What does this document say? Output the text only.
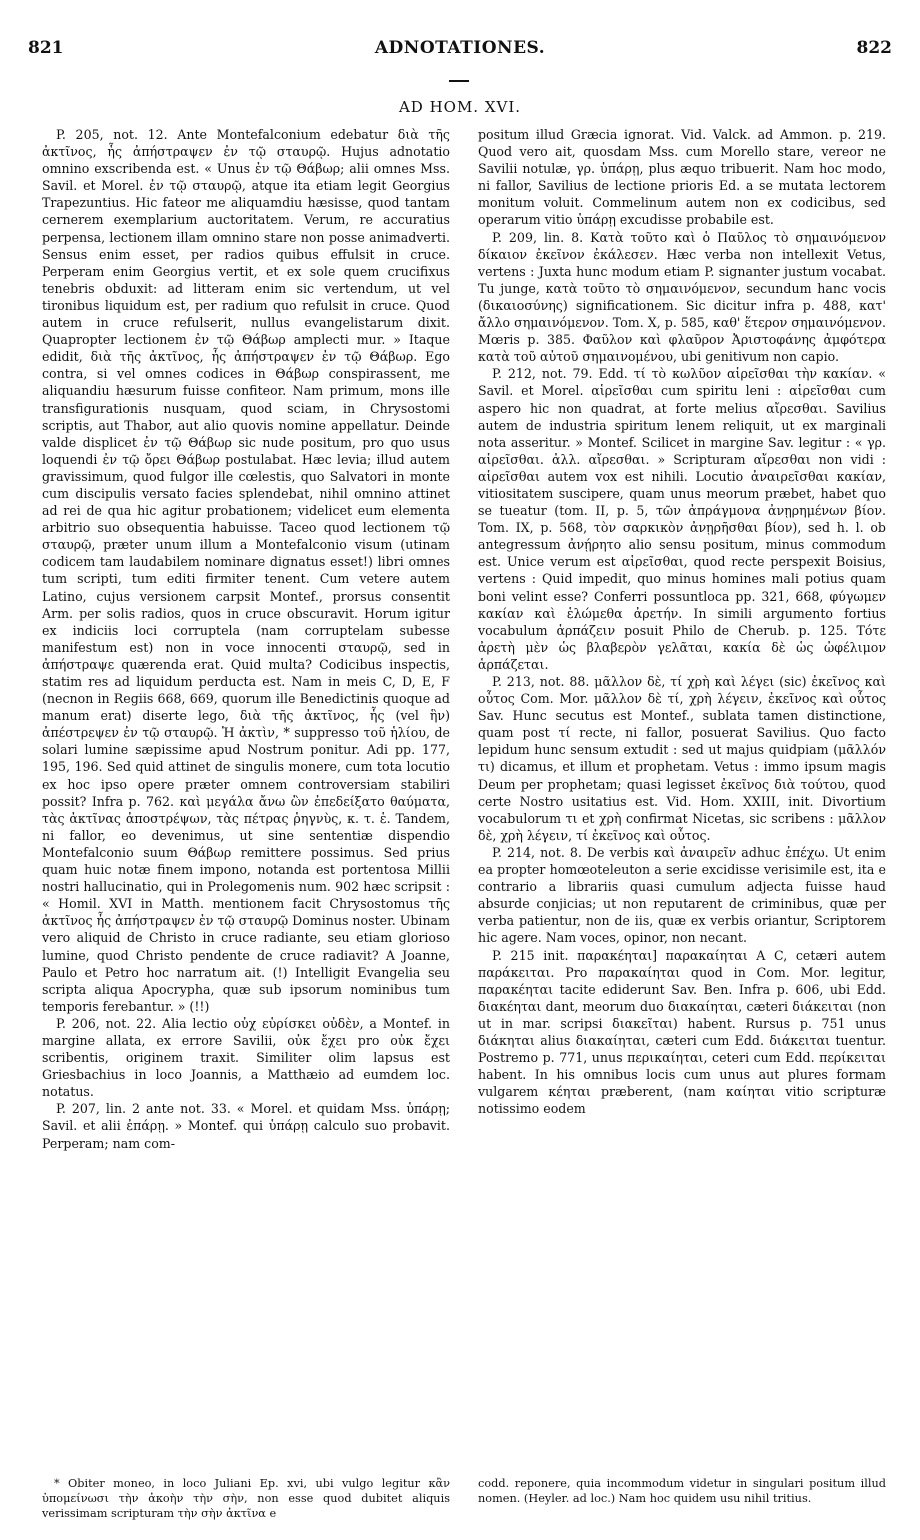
821	ADNOTATIONES.	822
AD HOM. XVI.

P. 205, not. 12. Ante Montefalconium edebatur διὰ τῆς ἀκτῖνος, ἧς ἀπήστραψεν ἐν τῷ σταυρῷ. Hujus adnotatio omnino exscribenda est. « Unus ἐν τῷ Θάβωρ; alii omnes Mss. Savil. et Morel. ἐν τῷ σταυρῷ, atque ita etiam legit Georgius Trapezuntius. Hic fateor me aliquamdiu hæsisse, quod tantam cernerem exemplarium auctoritatem. Verum, re accuratius perpensa, lectionem illam omnino stare non posse animadverti. Sensus enim esset, per radios quibus effulsit in cruce. Perperam enim Georgius vertit, et ex sole quem crucifixus tenebris obduxit: ad litteram enim sic vertendum, ut vel tironibus liquidum est, per radium quo refulsit in cruce. Quod autem in cruce refulserit, nullus evangelistarum dixit. Quapropter lectionem ἐν τῷ Θάβωρ amplecti mur. » Itaque edidit, διὰ τῆς ἀκτῖνος, ἧς ἀπήστραψεν ἐν τῷ Θάβωρ. Ego contra, si vel omnes codices in Θάβωρ conspirassent, me aliquandiu hæsurum fuisse confiteor. Nam primum, mons ille transfigurationis nusquam, quod sciam, in Chrysostomi scriptis, aut Thabor, aut alio quovis nomine appellatur. Deinde valde displicet ἐν τῷ Θάβωρ sic nude positum, pro quo usus loquendi ἐν τῷ ὄρει Θάβωρ postulabat. Hæc levia; illud autem gravissimum, quod fulgor ille cœlestis, quo Salvatori in monte cum discipulis versato facies splendebat, nihil omnino attinet ad rei de qua hic agitur probationem; videlicet eum elementa arbitrio suo obsequentia habuisse. Taceo quod lectionem τῷ σταυρῷ, præter unum illum a Montefalconio visum (utinam codicem tam laudabilem nominare dignatus esset!) libri omnes tum scripti, tum editi firmiter tenent. Cum vetere autem Latino, cujus versionem carpsit Montef., prorsus consentit Arm. per solis radios, quos in cruce obscuravit. Horum igitur ex indiciis loci corruptela (nam corruptelam subesse manifestum est) non in voce innocenti σταυρῷ, sed in ἀπήστραψε quærenda erat. Quid multa? Codicibus inspectis, statim res ad liquidum perducta est. Nam in meis C, D, E, F (necnon in Regiis 668, 669, quorum ille Benedictinis quoque ad manum erat) diserte lego, διὰ τῆς ἀκτῖνος, ἧς (vel ἣν) ἀπέστρεψεν ἐν τῷ σταυρῷ. Ἡ ἀκτὶν, * suppresso τοῦ ἡλίου, de solari lumine sæpissime apud Nostrum ponitur. Adi pp. 177, 195, 196. Sed quid attinet de singulis monere, cum tota locutio ex hoc ipso opere præter omnem controversiam stabiliri possit? Infra p. 762. καὶ μεγάλα ἄνω ὢν ἐπεδείξατο θαύματα, τὰς ἀκτῖνας ἀποστρέψων, τὰς πέτρας ῥηγνὺς, κ. τ. ἑ. Tandem, ni fallor, eo devenimus, ut sine sententiæ dispendio Montefalconio suum Θάβωρ remittere possimus. Sed prius quam huic notæ finem impono, notanda est portentosa Millii nostri hallucinatio, qui in Prolegomenis num. 902 hæc scripsit : « Homil. XVI in Matth. mentionem facit Chrysostomus τῆς ἀκτῖνος ἧς ἀπήστραψεν ἐν τῷ σταυρῷ Dominus noster. Ubinam vero aliquid de Christo in cruce radiante, seu etiam glorioso lumine, quod Christo pendente de cruce radiavit? A Joanne, Paulo et Petro hoc narratum ait. (!) Intelligit Evangelia seu scripta aliqua Apocrypha, quæ sub ipsorum nominibus tum temporis ferebantur. » (!!)

P. 206, not. 22. Alia lectio οὐχ εὑρίσκει οὐδὲν, a Montef. in margine allata, ex errore Savilii, οὐκ ἔχει pro οὐκ ἔχει scribentis, originem traxit. Similiter olim lapsus est Griesbachius in loco Joannis, a Matthæio ad eumdem loc. notatus.

P. 207, lin. 2 ante not. 33. « Morel. et quidam Mss. ὑπάρῃ; Savil. et alii ἐπάρῃ. » Montef. qui ὑπάρῃ calculo suo probavit. Perperam; nam com-

positum illud Græcia ignorat. Vid. Valck. ad Ammon. p. 219. Quod vero ait, quosdam Mss. cum Morello stare, vereor ne Savilii notulæ, γρ. ὑπάρῃ, plus æquo tribuerit. Nam hoc modo, ni fallor, Savilius de lectione prioris Ed. a se mutata lectorem monitum voluit. Commelinum autem non ex codicibus, sed operarum vitio ὑπάρῃ excudisse probabile est.

P. 209, lin. 8. Κατὰ τοῦτο καὶ ὁ Παῦλος τὸ σημαινόμενον δίκαιον ἐκεῖνον ἐκάλεσεν. Hæc verba non intellexit Vetus, vertens : Juxta hunc modum etiam P. signanter justum vocabat. Tu junge, κατὰ τοῦτο τὸ σημαινόμενον, secundum hanc vocis (δικαιοσύνης) significationem. Sic dicitur infra p. 488, κατ' ἄλλο σημαινόμενον. Tom. X, p. 585, καθ' ἕτερον σημαινόμενον. Mœris p. 385. Φαῦλον καὶ φλαῦρον Ἀριστοφάνης ἀμφότερα κατὰ τοῦ αὐτοῦ σημαινομένου, ubi genitivum non capio.

P. 212, not. 79. Edd. τί τὸ κωλῦον αἱρεῖσθαι τὴν κακίαν. « Savil. et Morel. αἱρεῖσθαι cum spiritu leni : αἱρεῖσθαι cum aspero hic non quadrat, at forte melius αἴρεσθαι. Savilius autem de industria spiritum lenem reliquit, ut ex marginali nota asseritur. » Montef. Scilicet in margine Sav. legitur : « γρ. αἱρεῖσθαι. ἀλλ. αἴρεσθαι. » Scripturam αἴρεσθαι non vidi : αἱρεῖσθαι autem vox est nihili. Locutio ἀναιρεῖσθαι κακίαν, vitiositatem suscipere, quam unus meorum præbet, habet quo se tueatur (tom. II, p. 5, τῶν ἀπράγμονα ἀνῃρημένων βίον. Tom. IX, p. 568, τὸν σαρκικὸν ἀνῃρῆσθαι βίον), sed h. l. ob antegressum ἀνῄρητο alio sensu positum, minus commodum est. Unice verum est αἱρεῖσθαι, quod recte perspexit Boisius, vertens : Quid impedit, quo minus homines mali potius quam boni velint esse? Conferri possuntloca pp. 321, 668, φύγωμεν κακίαν καὶ ἑλώμεθα ἀρετήν. In simili argumento fortius vocabulum ἁρπάζειν posuit Philo de Cherub. p. 125. Τότε ἀρετὴ μὲν ὡς βλαβερὸν γελᾶται, κακία δὲ ὡς ὠφέλιμον ἁρπάζεται.

P. 213, not. 88. μᾶλλον δὲ, τί χρὴ καὶ λέγει (sic) ἐκεῖνος καὶ οὗτος Com. Mor. μᾶλλον δὲ τί, χρὴ λέγειν, ἐκεῖνος καὶ οὗτος Sav. Hunc secutus est Montef., sublata tamen distinctione, quam post τί recte, ni fallor, posuerat Savilius. Quo facto lepidum hunc sensum extudit : sed ut majus quidpiam (μᾶλλόν τι) dicamus, et illum et prophetam. Vetus : immo ipsum magis Deum per prophetam; quasi legisset ἐκεῖνος διὰ τούτου, quod certe Nostro usitatius est. Vid. Hom. XXIII, init. Divortium vocabulorum τι et χρὴ confirmat Nicetas, sic scribens : μᾶλλον δὲ, χρὴ λέγειν, τί ἐκεῖνος καὶ οὗτος.

P. 214, not. 8. De verbis καὶ ἀναιρεῖν adhuc ἐπέχω. Ut enim ea propter homœoteleuton a serie excidisse verisimile est, ita e contrario a librariis quasi cumulum adjecta fuisse haud absurde conjicias; ut non reputarent de criminibus, quæ per verba patientur, non de iis, quæ ex verbis oriantur, Scriptorem hic agere. Nam voces, opinor, non necant.

P. 215 init. παρακέηται] παρακαίηται A C, cetæri autem παράκειται. Pro παρακαίηται quod in Com. Mor. legitur, παρακέηται tacite ediderunt Sav. Ben. Infra p. 606, ubi Edd. διακέηται dant, meorum duo διακαίηται, cæteri διάκειται (non ut in mar. scripsi διακεῖται) habent. Rursus p. 751 unus διάκηται alius διακαίηται, cæteri cum Edd. διάκειται tuentur. Postremo p. 771, unus περικαίηται, ceteri cum Edd. περίκειται habent. In his omnibus locis cum unus aut plures formam vulgarem κέηται præberent, (nam καίηται vitio scripturæ notissimo eodem

* Obiter moneo, in loco Juliani Ep. xvi, ubi vulgo legitur κἂν ὑπομείνωσι τὴν ἀκοὴν τὴν σὴν, non esse quod dubitet aliquis verissimam scripturam τὴν σὴν ἀκτῖνα e
codd. reponere, quia incommodum videtur in singulari positum illud nomen. (Heyler. ad loc.) Nam hoc quidem usu nihil tritius.
